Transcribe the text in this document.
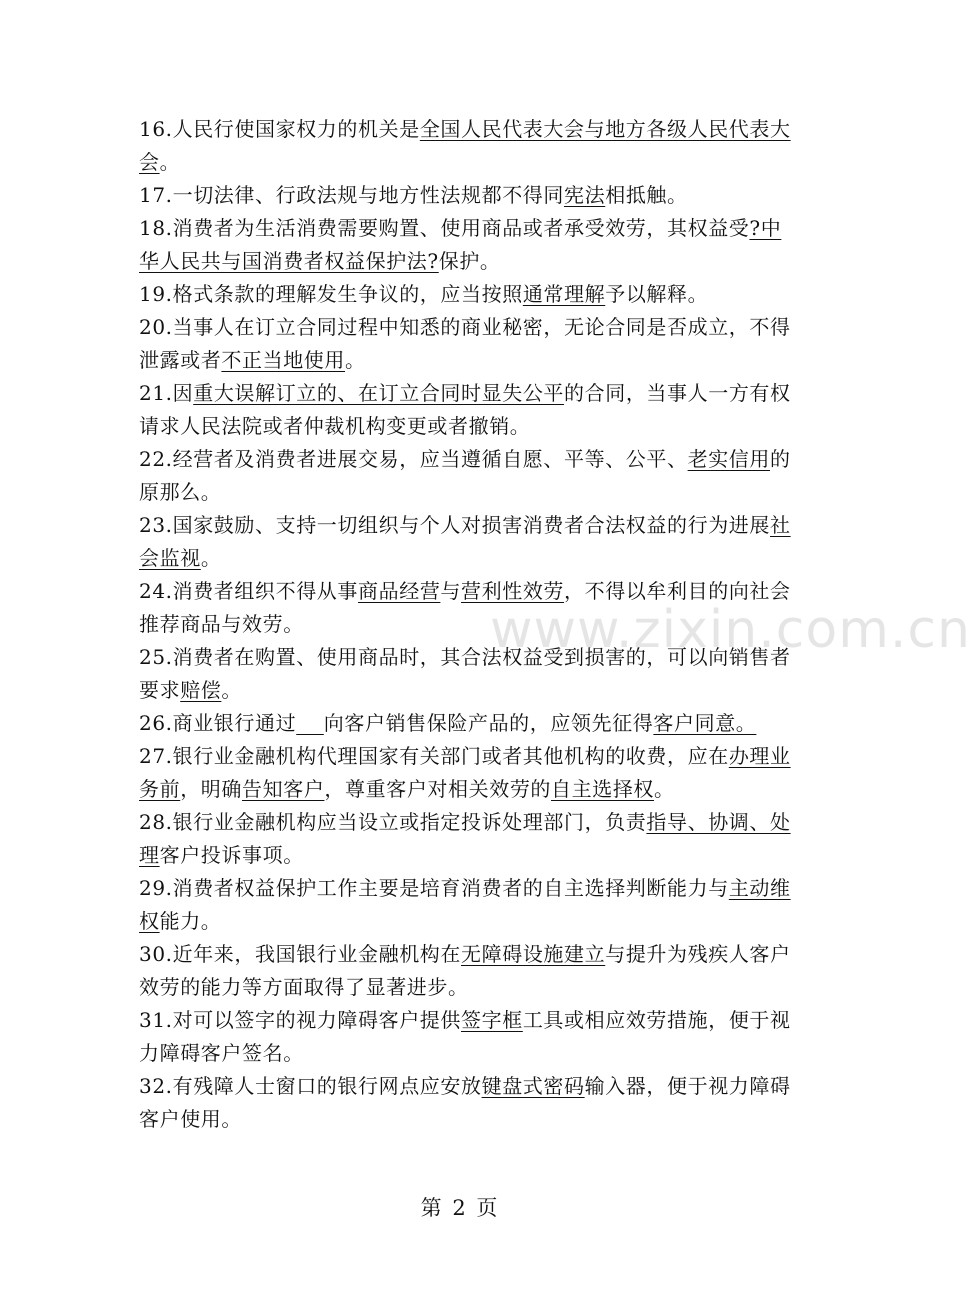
www.zixin.com.cn

16.人民行使国家权力的机关是全国人民代表大会与地方各级人民代表大会。

17.一切法律、行政法规与地方性法规都不得同宪法相抵触。

18.消费者为生活消费需要购置、使用商品或者承受效劳，其权益受?中华人民共与国消费者权益保护法?保护。

19.格式条款的理解发生争议的，应当按照通常理解予以解释。

20.当事人在订立合同过程中知悉的商业秘密，无论合同是否成立，不得泄露或者不正当地使用。

21.因重大误解订立的、在订立合同时显失公平的合同，当事人一方有权请求人民法院或者仲裁机构变更或者撤销。

22.经营者及消费者进展交易，应当遵循自愿、平等、公平、老实信用的原那么。

23.国家鼓励、支持一切组织与个人对损害消费者合法权益的行为进展社会监视。

24.消费者组织不得从事商品经营与营利性效劳，不得以牟利目的向社会推荐商品与效劳。

25.消费者在购置、使用商品时，其合法权益受到损害的，可以向销售者要求赔偿。

26.商业银行通过　 向客户销售保险产品的，应领先征得客户同意。

27.银行业金融机构代理国家有关部门或者其他机构的收费，应在办理业务前，明确告知客户，尊重客户对相关效劳的自主选择权。

28.银行业金融机构应当设立或指定投诉处理部门，负责指导、协调、处理客户投诉事项。

29.消费者权益保护工作主要是培育消费者的自主选择判断能力与主动维权能力。

30.近年来，我国银行业金融机构在无障碍设施建立与提升为残疾人客户效劳的能力等方面取得了显著进步。

31.对可以签字的视力障碍客户提供签字框工具或相应效劳措施，便于视力障碍客户签名。

32.有残障人士窗口的银行网点应安放键盘式密码输入器，便于视力障碍客户使用。

第 2 页
